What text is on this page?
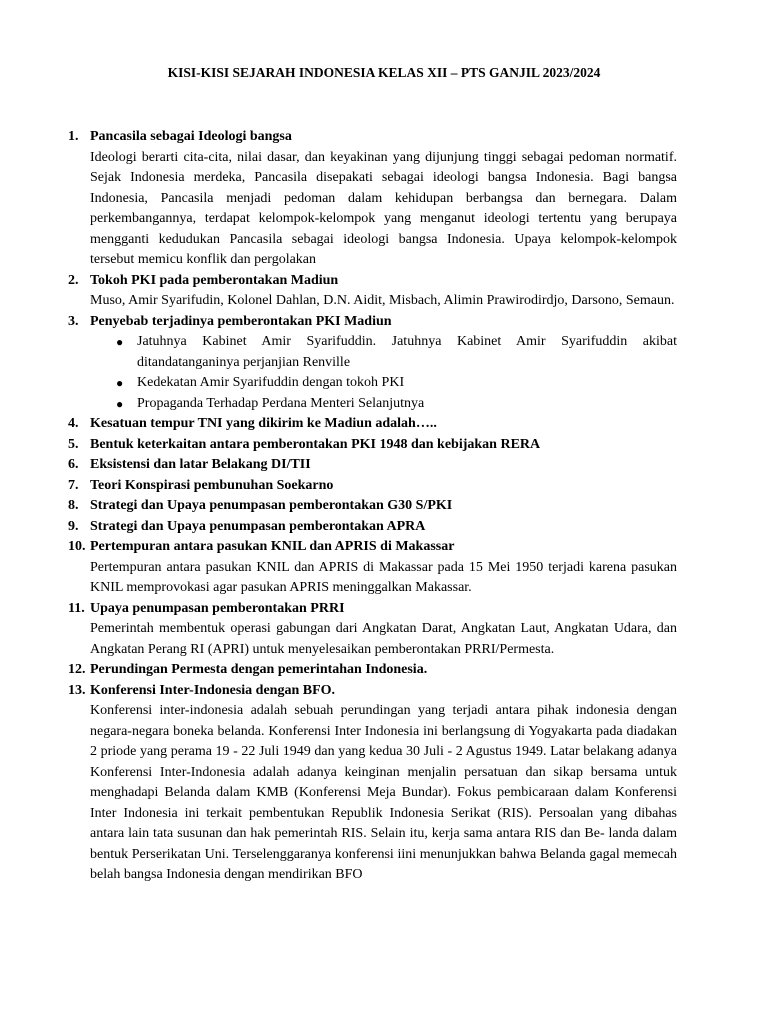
KISI-KISI SEJARAH INDONESIA KELAS XII – PTS GANJIL 2023/2024
1. Pancasila sebagai Ideologi bangsa
Ideologi berarti cita-cita, nilai dasar, dan keyakinan yang dijunjung tinggi sebagai pedoman normatif. Sejak Indonesia merdeka, Pancasila disepakati sebagai ideologi bangsa Indonesia. Bagi bangsa Indonesia, Pancasila menjadi pedoman dalam kehidupan berbangsa dan bernegara. Dalam perkembangannya, terdapat kelompok-kelompok yang menganut ideologi tertentu yang berupaya mengganti kedudukan Pancasila sebagai ideologi bangsa Indonesia. Upaya kelompok-kelompok tersebut memicu konflik dan pergolakan
2. Tokoh PKI pada pemberontakan Madiun
Muso, Amir Syarifudin, Kolonel Dahlan, D.N. Aidit, Misbach, Alimin Prawirodirdjo, Darsono, Semaun.
3. Penyebab terjadinya pemberontakan PKI Madiun
● Jatuhnya Kabinet Amir Syarifuddin. Jatuhnya Kabinet Amir Syarifuddin akibat ditandatanganinya perjanjian Renville
● Kedekatan Amir Syarifuddin dengan tokoh PKI
● Propaganda Terhadap Perdana Menteri Selanjutnya
4. Kesatuan tempur TNI yang dikirim ke Madiun adalah…..
5. Bentuk keterkaitan antara pemberontakan PKI 1948 dan kebijakan RERA
6. Eksistensi dan latar Belakang DI/TII
7. Teori Konspirasi pembunuhan Soekarno
8. Strategi dan Upaya penumpasan pemberontakan G30 S/PKI
9. Strategi dan Upaya penumpasan pemberontakan APRA
10. Pertempuran antara pasukan KNIL dan APRIS di Makassar
Pertempuran antara pasukan KNIL dan APRIS di Makassar pada 15 Mei 1950 terjadi karena pasukan KNIL memprovokasi agar pasukan APRIS meninggalkan Makassar.
11. Upaya penumpasan pemberontakan PRRI
Pemerintah membentuk operasi gabungan dari Angkatan Darat, Angkatan Laut, Angkatan Udara, dan Angkatan Perang RI (APRI) untuk menyelesaikan pemberontakan PRRI/Permesta.
12. Perundingan Permesta dengan pemerintahan Indonesia.
13. Konferensi Inter-Indonesia dengan BFO.
Konferensi inter-indonesia adalah sebuah perundingan yang terjadi antara pihak indonesia dengan negara-negara boneka belanda. Konferensi Inter Indonesia ini berlangsung di Yogyakarta pada diadakan 2 priode yang perama 19 - 22 Juli 1949 dan yang kedua 30 Juli - 2 Agustus 1949. Latar belakang adanya Konferensi Inter-Indonesia adalah adanya keinginan menjalin persatuan dan sikap bersama untuk menghadapi Belanda dalam KMB (Konferensi Meja Bundar). Fokus pembicaraan dalam Konferensi Inter Indonesia ini terkait pembentukan Republik Indonesia Serikat (RIS). Persoalan yang dibahas antara lain tata susunan dan hak pemerintah RIS. Selain itu, kerja sama antara RIS dan Be- landa dalam bentuk Perserikatan Uni. Terselenggaranya konferensi iini menunjukkan bahwa Belanda gagal memecah belah bangsa Indonesia dengan mendirikan BFO
